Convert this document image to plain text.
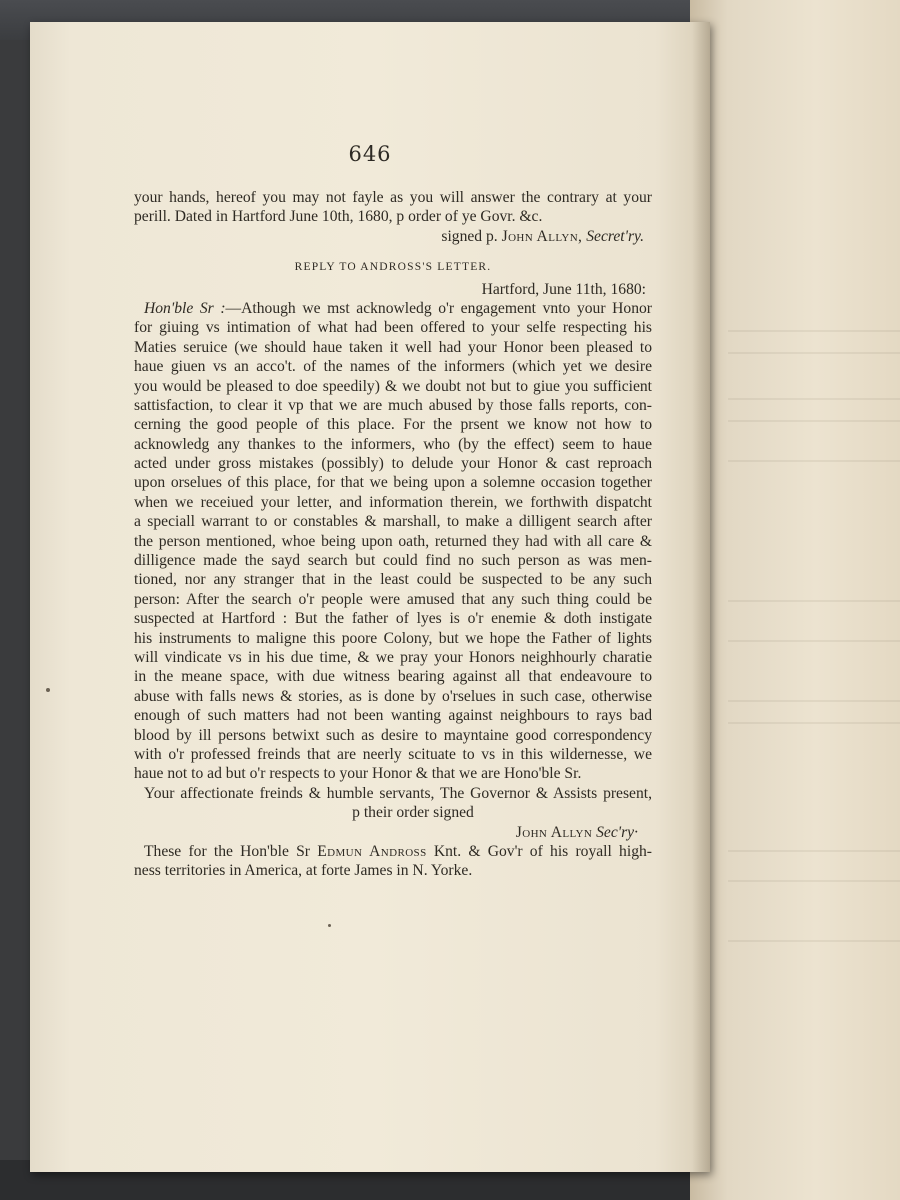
646
your hands, hereof you may not fayle as you will answer the contrary at your
perill. Dated in Hartford June 10th, 1680, p order of ye Govr. &c.
signed p. John Allyn, Secret'ry.
REPLY TO ANDROSS'S LETTER.
Hartford, June 11th, 1680:
Hon'ble Sr :—Athough we mst acknowledg o'r engagement vnto your Honor
for giuing vs intimation of what had been offered to your selfe respecting his
Maties seruice (we should haue taken it well had your Honor been pleased to
haue giuen vs an acco't. of the names of the informers (which yet we desire
you would be pleased to doe speedily) & we doubt not but to giue you sufficient
sattisfaction, to clear it vp that we are much abused by those falls reports, con-
cerning the good people of this place. For the prsent we know not how to
acknowledg any thankes to the informers, who (by the effect) seem to haue
acted under gross mistakes (possibly) to delude your Honor & cast reproach
upon orselues of this place, for that we being upon a solemne occasion together
when we receiued your letter, and information therein, we forthwith dispatcht
a speciall warrant to or constables & marshall, to make a dilligent search after
the person mentioned, whoe being upon oath, returned they had with all care &
dilligence made the sayd search but could find no such person as was men-
tioned, nor any stranger that in the least could be suspected to be any such
person: After the search o'r people were amused that any such thing could be
suspected at Hartford : But the father of lyes is o'r enemie & doth instigate
his instruments to maligne this poore Colony, but we hope the Father of lights
will vindicate vs in his due time, & we pray your Honors neighhourly charatie
in the meane space, with due witness bearing against all that endeavoure to
abuse with falls news & stories, as is done by o'rselues in such case, otherwise
enough of such matters had not been wanting against neighbours to rays bad
blood by ill persons betwixt such as desire to mayntaine good correspondency
with o'r professed freinds that are neerly scituate to vs in this wildernesse, we
haue not to ad but o'r respects to your Honor & that we are Hono'ble Sr.
Your affectionate freinds & humble servants, The Governor & Assists present,
p their order signed
John Allyn Sec'ry·
These for the Hon'ble Sr Edmun Andross Knt. & Gov'r of his royall high-
ness territories in America, at forte James in N. Yorke.
